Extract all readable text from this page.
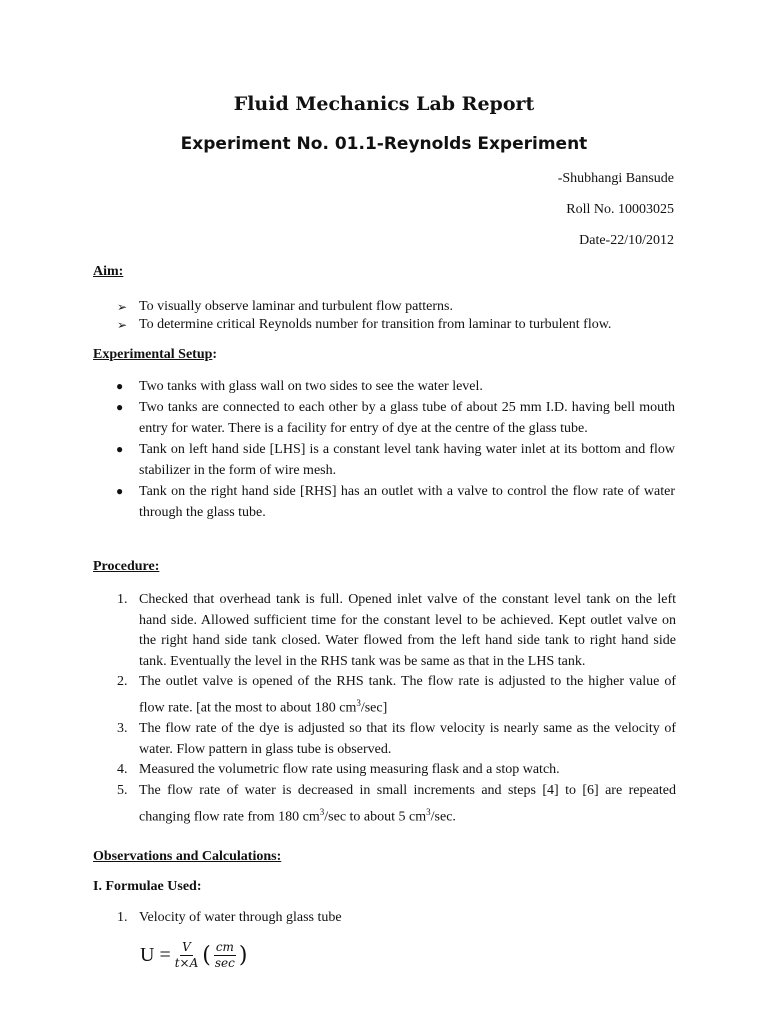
Fluid Mechanics Lab Report
Experiment No. 01.1-Reynolds Experiment
-Shubhangi Bansude
Roll No. 10003025
Date-22/10/2012
Aim:
➢ To visually observe laminar and turbulent flow patterns.
➢ To determine critical Reynolds number for transition from laminar to turbulent flow.
Experimental Setup:
●	Two tanks with glass wall on two sides to see the water level.
●	Two tanks are connected to each other by a glass tube of about 25 mm I.D. having bell mouth entry for water. There is a facility for entry of dye at the centre of the glass tube.
●	Tank on left hand side [LHS] is a constant level tank having water inlet at its bottom and flow stabilizer in the form of wire mesh.
●	Tank on the right hand side [RHS] has an outlet with a valve to control the flow rate of water through the glass tube.
Procedure:
1. Checked that overhead tank is full. Opened inlet valve of the constant level tank on the left hand side. Allowed sufficient time for the constant level to be achieved. Kept outlet valve on the right hand side tank closed. Water flowed from the left hand side tank to right hand side tank. Eventually the level in the RHS tank was be same as that in the LHS tank.
2. The outlet valve is opened of the RHS tank. The flow rate is adjusted to the higher value of flow rate. [at the most to about 180 $cm^3/\sec$]
3. The flow rate of the dye is adjusted so that its flow velocity is nearly same as the velocity of water. Flow pattern in glass tube is observed.
4. Measured the volumetric flow rate using measuring flask and a stop watch.
5. The flow rate of water is decreased in small increments and steps [4] to [6] are repeated changing flow rate from 180 $cm^3/\sec$ to about 5 $cm^3/\sec$.
Observations and Calculations:
I. Formulae Used:
1. Velocity of water through glass tube
$U = \frac{V}{t\times A}$ ( $\frac{cm}{\sec}$ )
